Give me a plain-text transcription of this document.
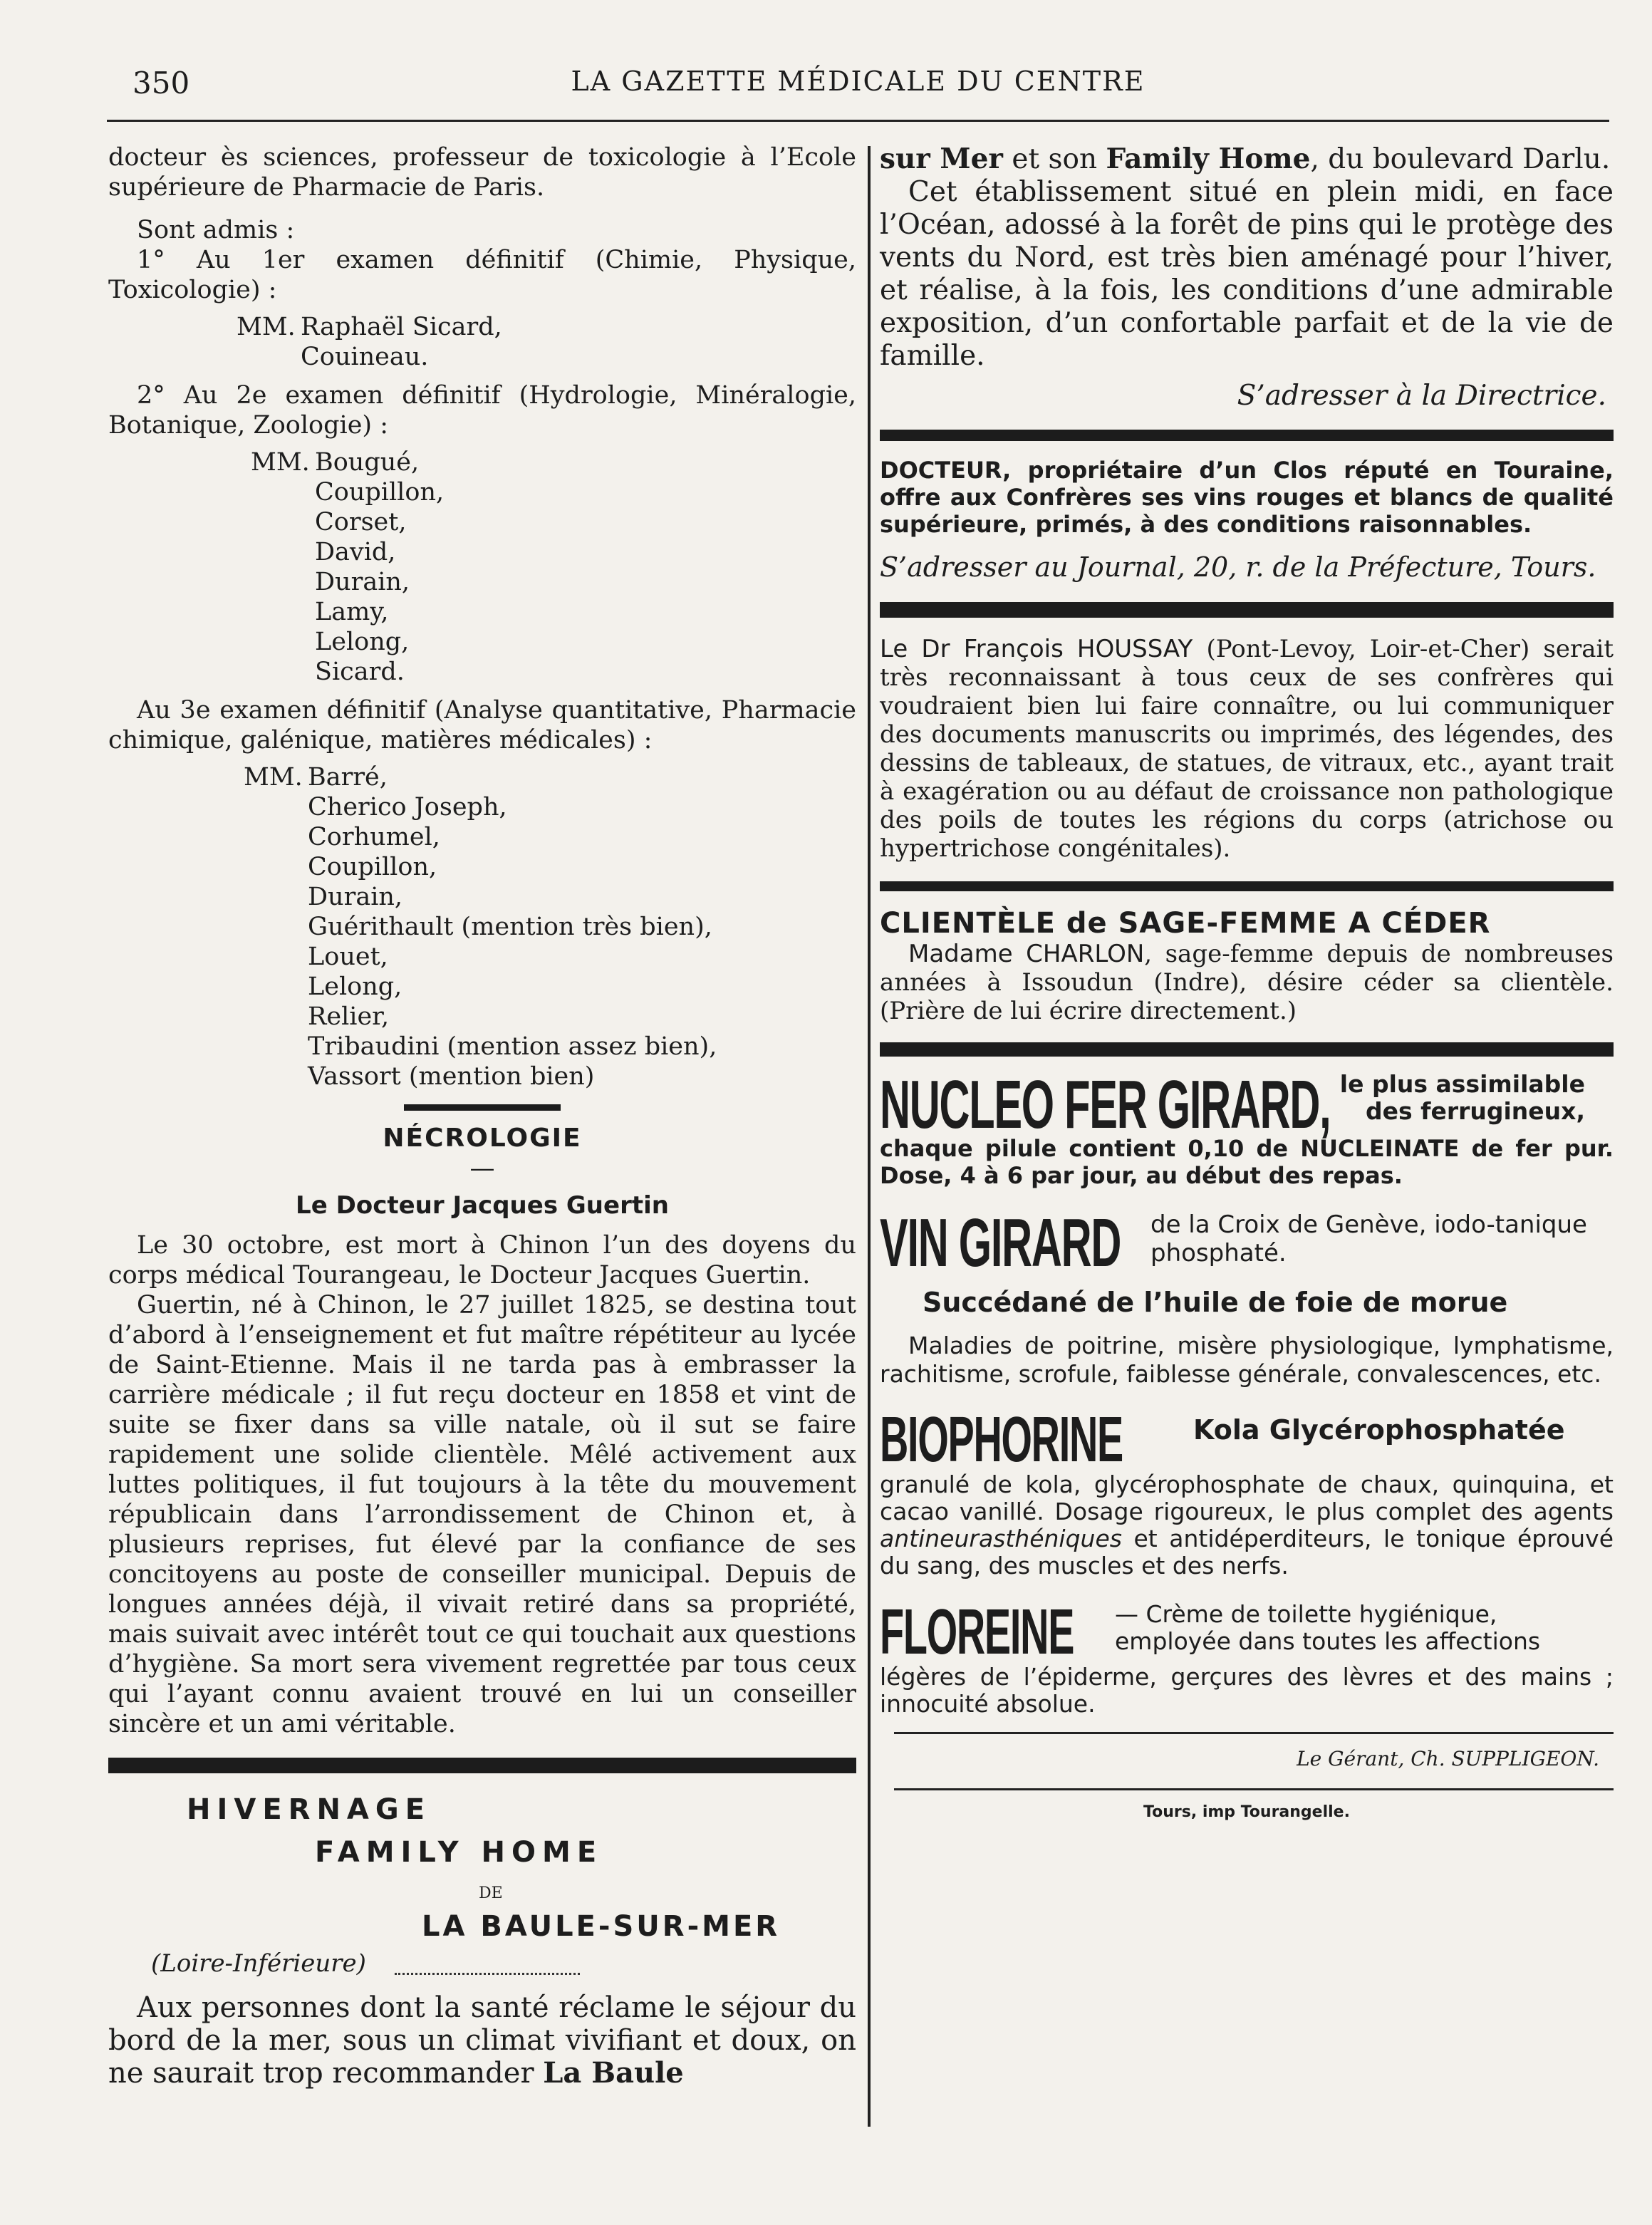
350	LA GAZETTE MÉDICALE DU CENTRE

docteur ès sciences, professeur de toxicologie à l’Ecole supérieure de Pharmacie de Paris.

Sont admis :

1° Au 1er examen définitif (Chimie, Physique, Toxicologie) :

MM. Raphaël Sicard,
Couineau.

2° Au 2e examen définitif (Hydrologie, Minéralogie, Botanique, Zoologie) :

MM. Bougué,
Coupillon,
Corset,
David,
Durain,
Lamy,
Lelong,
Sicard.

Au 3e examen définitif (Analyse quantitative, Pharmacie chimique, galénique, matières médicales) :

MM. Barré,
Cherico Joseph,
Corhumel,
Coupillon,
Durain,
Guérithault (mention très bien),
Louet,
Lelong,
Relier,
Tribaudini (mention assez bien),
Vassort (mention bien)
NÉCROLOGIE
—
Le Docteur Jacques Guertin

Le 30 octobre, est mort à Chinon l’un des doyens du corps médical Tourangeau, le Docteur Jacques Guertin.

Guertin, né à Chinon, le 27 juillet 1825, se destina tout d’abord à l’enseignement et fut maître répétiteur au lycée de Saint-Etienne. Mais il ne tarda pas à embrasser la carrière médicale ; il fut reçu docteur en 1858 et vint de suite se fixer dans sa ville natale, où il sut se faire rapidement une solide clientèle. Mêlé activement aux luttes politiques, il fut toujours à la tête du mouvement républicain dans l’arrondissement de Chinon et, à plusieurs reprises, fut élevé par la confiance de ses concitoyens au poste de conseiller municipal. Depuis de longues années déjà, il vivait retiré dans sa propriété, mais suivait avec intérêt tout ce qui touchait aux questions d’hygiène. Sa mort sera vivement regrettée par tous ceux qui l’ayant connu avaient trouvé en lui un conseiller sincère et un ami véritable.

HIVERNAGE
FAMILY HOME
DE
LA BAULE-SUR-MER
(Loire-Inférieure)

Aux personnes dont la santé réclame le séjour du bord de la mer, sous un climat vivifiant et doux, on ne saurait trop recommander La Baule

sur Mer et son Family Home, du boulevard Darlu.

Cet établissement situé en plein midi, en face l’Océan, adossé à la forêt de pins qui le protège des vents du Nord, est très bien aménagé pour l’hiver, et réalise, à la fois, les conditions d’une admirable exposition, d’un confortable parfait et de la vie de famille.

S’adresser à la Directrice.

DOCTEUR, propriétaire d’un Clos réputé en Touraine, offre aux Confrères ses vins rouges et blancs de qualité supérieure, primés, à des conditions raisonnables.

S’adresser au Journal, 20, r. de la Préfecture, Tours.

Le Dr François HOUSSAY (Pont-Levoy, Loir-et-Cher) serait très reconnaissant à tous ceux de ses confrères qui voudraient bien lui faire connaître, ou lui communiquer des documents manuscrits ou imprimés, des légendes, des dessins de tableaux, de statues, de vitraux, etc., ayant trait à exagération ou au défaut de croissance non pathologique des poils de toutes les régions du corps (atrichose ou hypertrichose congénitales).

CLIENTÈLE de SAGE-FEMME A CÉDER

Madame CHARLON, sage-femme depuis de nombreuses années à Issoudun (Indre), désire céder sa clientèle. (Prière de lui écrire directement.)

NUCLEO FER GIRARD, le plus assimilable des ferrugineux,

chaque pilule contient 0,10 de NUCLEINATE de fer pur. Dose, 4 à 6 par jour, au début des repas.

VIN GIRARD de la Croix de Genève, iodo-tanique phosphaté.
Succédané de l’huile de foie de morue

Maladies de poitrine, misère physiologique, lymphatisme, rachitisme, scrofule, faiblesse générale, convalescences, etc.

BIOPHORINE	Kola Glycérophosphatée

granulé de kola, glycérophosphate de chaux, quinquina, et cacao vanillé. Dosage rigoureux, le plus complet des agents antineurasthéniques et antidéperditeurs, le tonique éprouvé du sang, des muscles et des nerfs.

FLOREINE — Crème de toilette hygiénique, employée dans toutes les affections

légères de l’épiderme, gerçures des lèvres et des mains ; innocuité absolue.

Le Gérant, Ch. SUPPLIGEON.
Tours, imp Tourangelle.
